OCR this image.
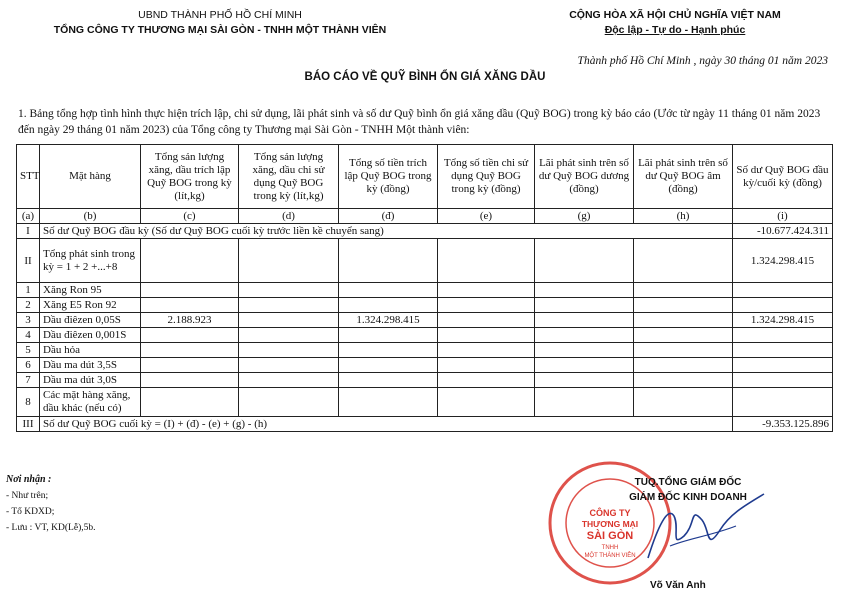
UBND THÀNH PHỐ HỒ CHÍ MINH
TỔNG CÔNG TY THƯƠNG MẠI SÀI GÒN - TNHH MỘT THÀNH VIÊN
CỘNG HÒA XÃ HỘI CHỦ NGHĨA VIỆT NAM
Độc lập - Tự do - Hạnh phúc
Thành phố Hồ Chí Minh , ngày 30 tháng 01 năm 2023
BÁO CÁO VỀ QUỸ BÌNH ỔN GIÁ XĂNG DẦU
1. Bảng tổng hợp tình hình thực hiện trích lập, chi sử dụng, lãi phát sinh và số dư Quỹ bình ổn giá xăng dầu (Quỹ BOG) trong kỳ báo cáo (Ước từ ngày 11 tháng 01 năm 2023 đến ngày 29 tháng 01 năm 2023) của Tổng công ty Thương mại Sài Gòn - TNHH Một thành viên:
STT	Mặt hàng	Tổng sản lượng xăng, dầu trích lập Quỹ BOG trong kỳ (lít,kg)	Tổng sản lượng xăng, dầu chi sử dụng Quỹ BOG trong kỳ (lít,kg)	Tổng số tiền trích lập Quỹ BOG trong kỳ (đồng)	Tổng số tiền chi sử dụng Quỹ BOG trong kỳ (đồng)	Lãi phát sinh trên số dư Quỹ BOG dương (đồng)	Lãi phát sinh trên số dư Quỹ BOG âm (đồng)	Số dư Quỹ BOG đầu kỳ/cuối kỳ (đồng)
(a)	(b)	(c)	(d)	(đ)	(e)	(g)	(h)	(i)
I	Số dư Quỹ BOG đầu kỳ (Số dư Quỹ BOG cuối kỳ trước liền kề chuyển sang)							-10.677.424.311
II	Tổng phát sinh trong kỳ = 1 + 2 +...+8							1.324.298.415
1	Xăng Ron 95							
2	Xăng E5 Ron 92							
3	Dầu điêzen 0,05S	2.188.923		1.324.298.415				1.324.298.415
4	Dầu điêzen 0,001S							
5	Dầu hỏa							
6	Dầu ma dút 3,5S							
7	Dầu ma dút 3,0S							
8	Các mặt hàng xăng, dầu khác (nếu có)							
III	Số dư Quỹ BOG cuối kỳ = (I) + (đ) - (e) + (g) - (h)							-9.353.125.896
Nơi nhận :
- Như trên;
- Tổ KDXD;
- Lưu : VT, KD(Lễ),5b.
CÔNG TY
THƯƠNG MẠI
SÀI GÒN
TNHH
MỘT THÀNH VIÊN
TUQ.TỔNG GIÁM ĐỐC
GIÁM ĐỐC KINH DOANH
Võ Văn Anh
